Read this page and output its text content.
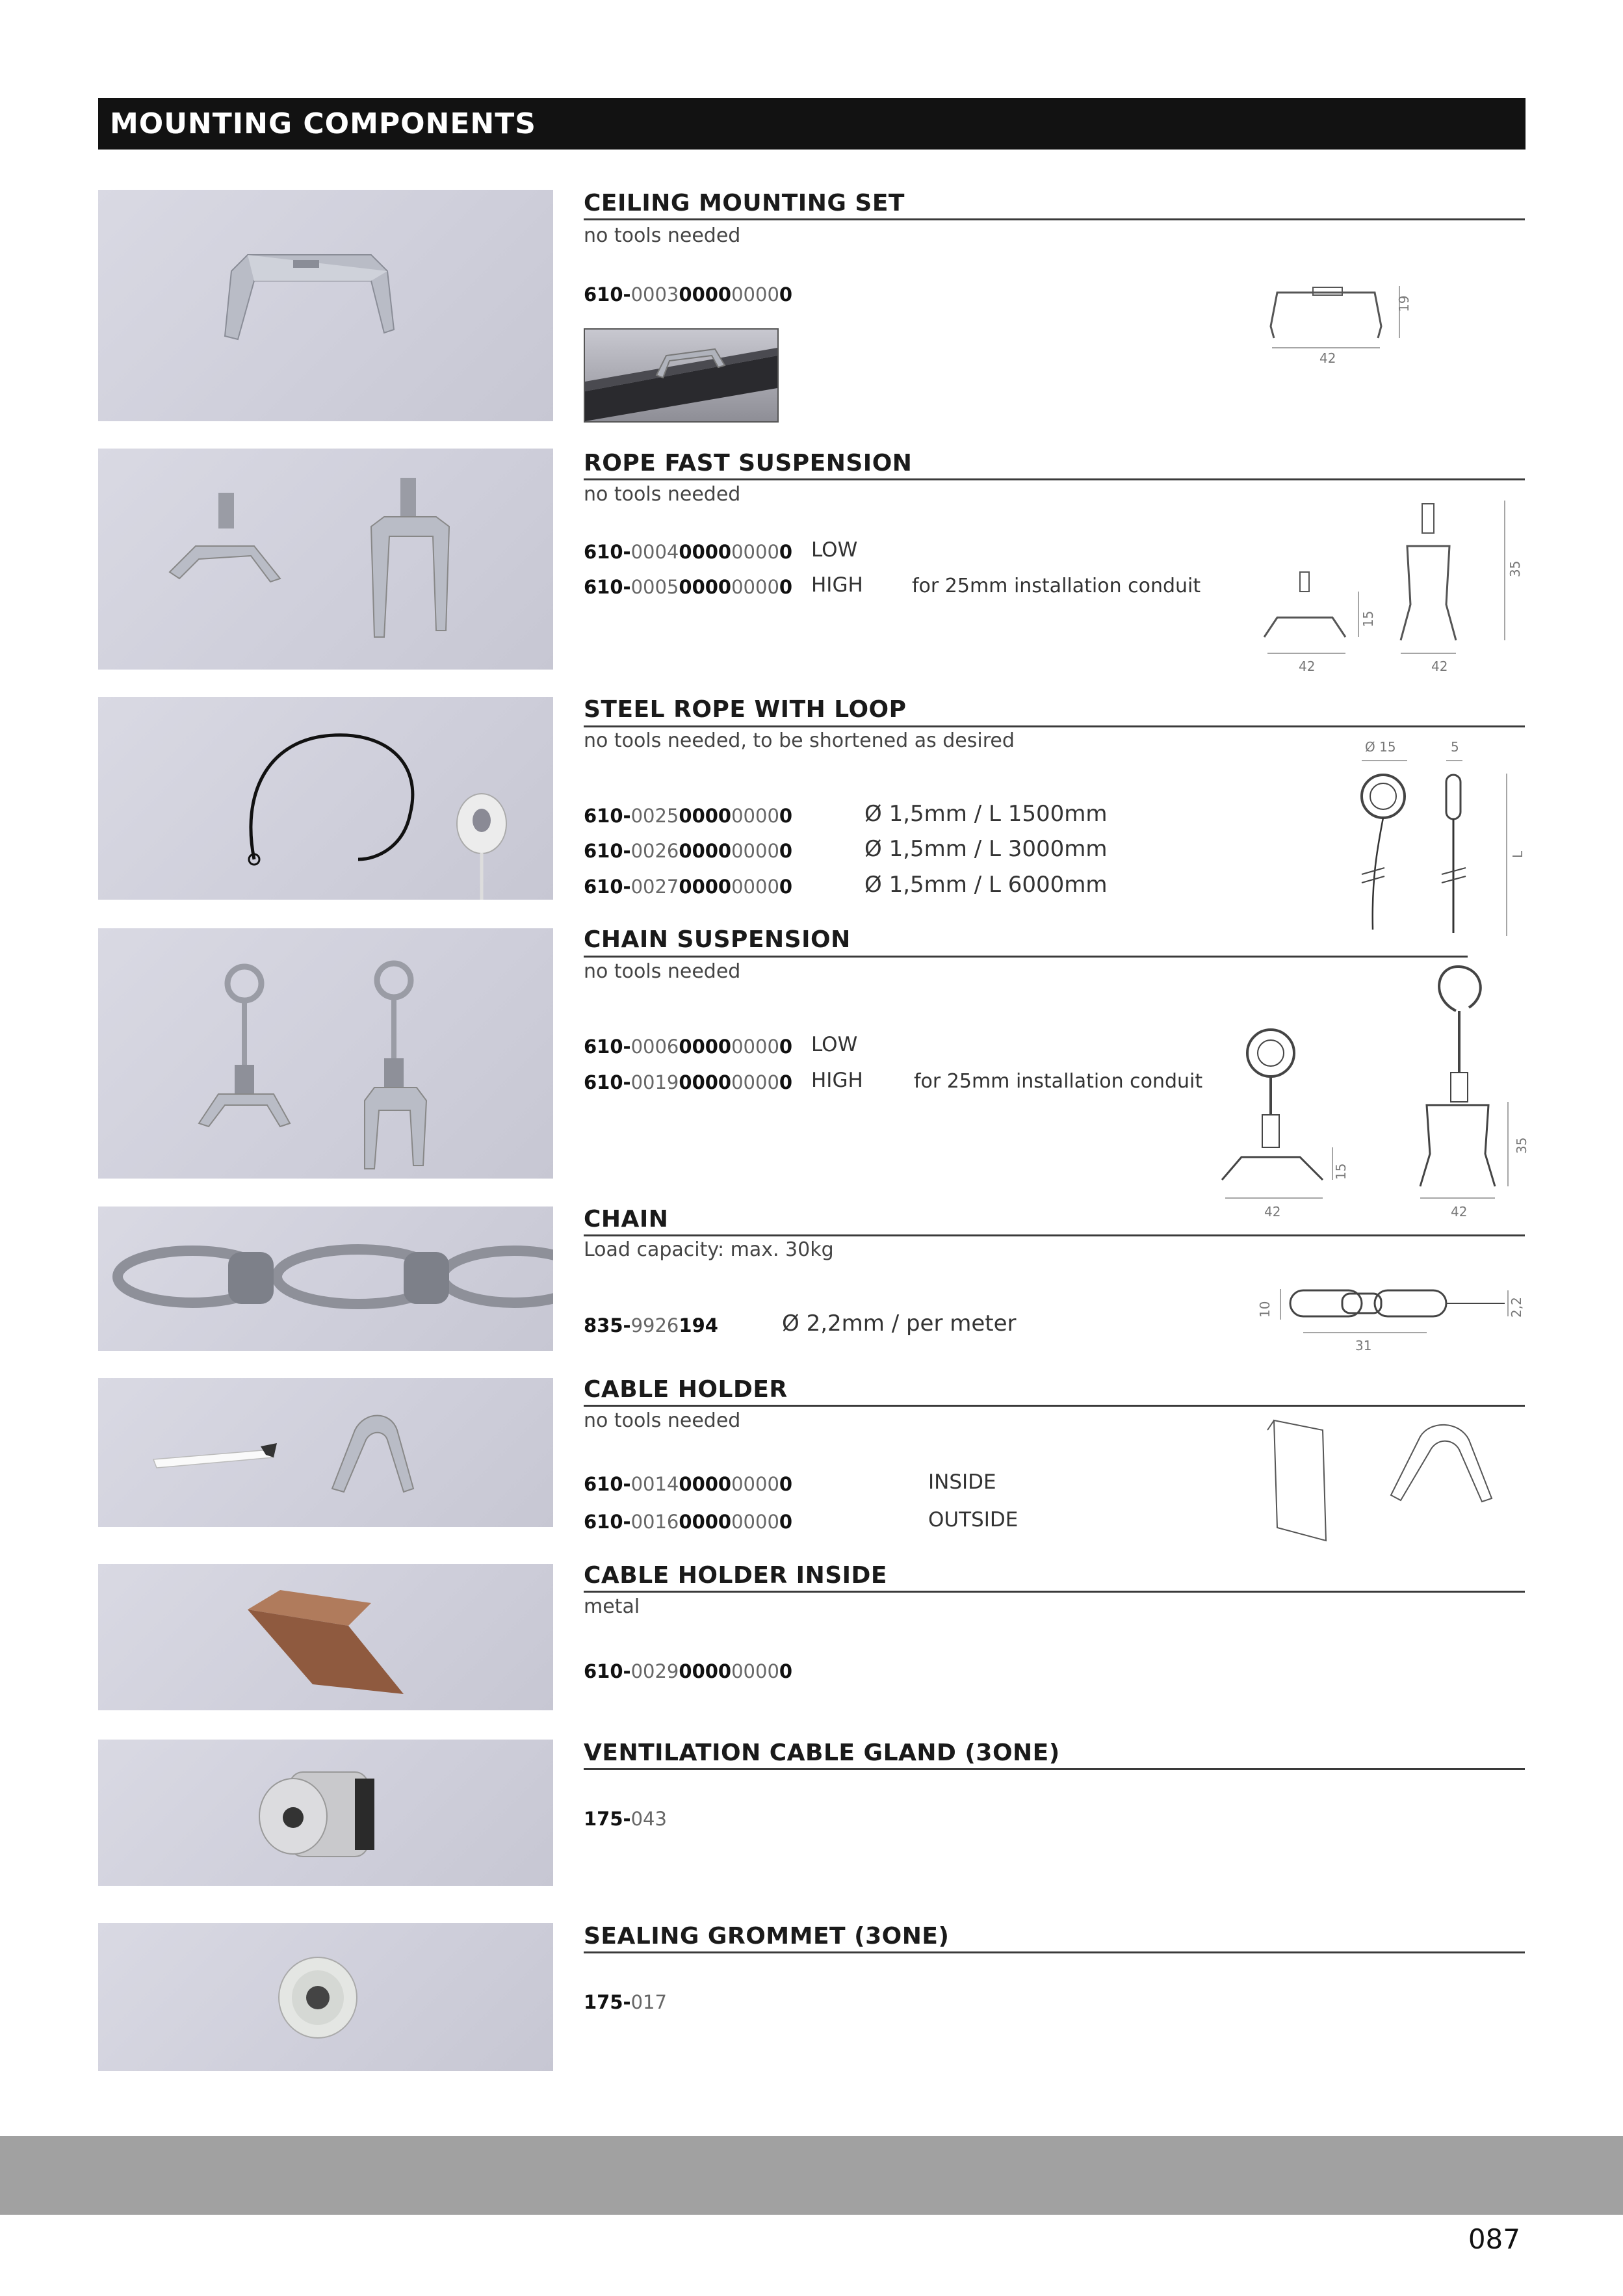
MOUNTING COMPONENTS
CEILING MOUNTING SET
no tools needed
610-0003000000000
42
19
ROPE FAST SUSPENSION
no tools needed
610-0004000000000 LOW
610-0005000000000 HIGH	for 25mm installation conduit
42
15
42
35
STEEL ROPE WITH LOOP
no tools needed, to be shortened as desired
610-0025000000000	Ø 1,5mm / L 1500mm
610-0026000000000	Ø 1,5mm / L 3000mm
610-0027000000000	Ø 1,5mm / L 6000mm
Ø 15	5
L
CHAIN SUSPENSION
no tools needed
610-0006000000000 LOW
610-0019000000000 HIGH	for 25mm installation conduit
42
15
42
35
CHAIN
Load capacity: max. 30kg
835-9926194	Ø 2,2mm / per meter
10
31
2,2
CABLE HOLDER
no tools needed
610-0014000000000	INSIDE
610-0016000000000	OUTSIDE
CABLE HOLDER INSIDE
metal
610-0029000000000
VENTILATION CABLE GLAND (3ONE)
175-043
SEALING GROMMET (3ONE)
175-017
087
